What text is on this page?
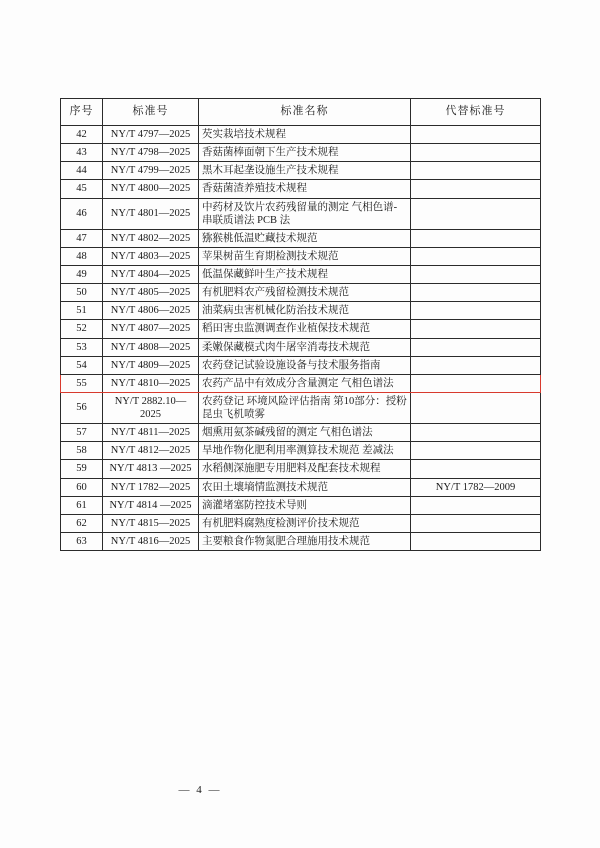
序号	标准号	标准名称	代替标准号
42	NY/T 4797—2025	芡实栽培技术规程	
43	NY/T 4798—2025	香菇菌棒面朝下生产技术规程	
44	NY/T 4799—2025	黑木耳起垄设施生产技术规程	
45	NY/T 4800—2025	香菇菌渣养殖技术规程	
46	NY/T 4801—2025	中药材及饮片农药残留量的测定 气相色谱-串联质谱法 PCB 法	
47	NY/T 4802—2025	猕猴桃低温贮藏技术规范	
48	NY/T 4803—2025	苹果树苗生育期检测技术规范	
49	NY/T 4804—2025	低温保藏鲜叶生产技术规程	
50	NY/T 4805—2025	有机肥料农产残留检测技术规范	
51	NY/T 4806—2025	油菜病虫害机械化防治技术规范	
52	NY/T 4807—2025	稻田害虫监测调查作业植保技术规范	
53	NY/T 4808—2025	柔嫩保藏模式肉牛屠宰消毒技术规范	
54	NY/T 4809—2025	农药登记试验设施设备与技术服务指南	
55	NY/T 4810—2025	农药产品中有效成分含量测定 气相色谱法	
56	NY/T 2882.10—2025	农药登记 环境风险评估指南 第10部分：授粉昆虫飞机喷雾	
57	NY/T 4811—2025	烟熏用氨茶碱残留的测定 气相色谱法	
58	NY/T 4812—2025	旱地作物化肥利用率测算技术规范 差减法	
59	NY/T 4813 —2025	水稻侧深施肥专用肥料及配套技术规程	
60	NY/T 1782—2025	农田土壤墒情监测技术规范	NY/T 1782—2009
61	NY/T 4814 —2025	滴灌堵塞防控技术导则	
62	NY/T 4815—2025	有机肥料腐熟度检测评价技术规范	
63	NY/T 4816—2025	主要粮食作物氮肥合理施用技术规范	
— 4 —
